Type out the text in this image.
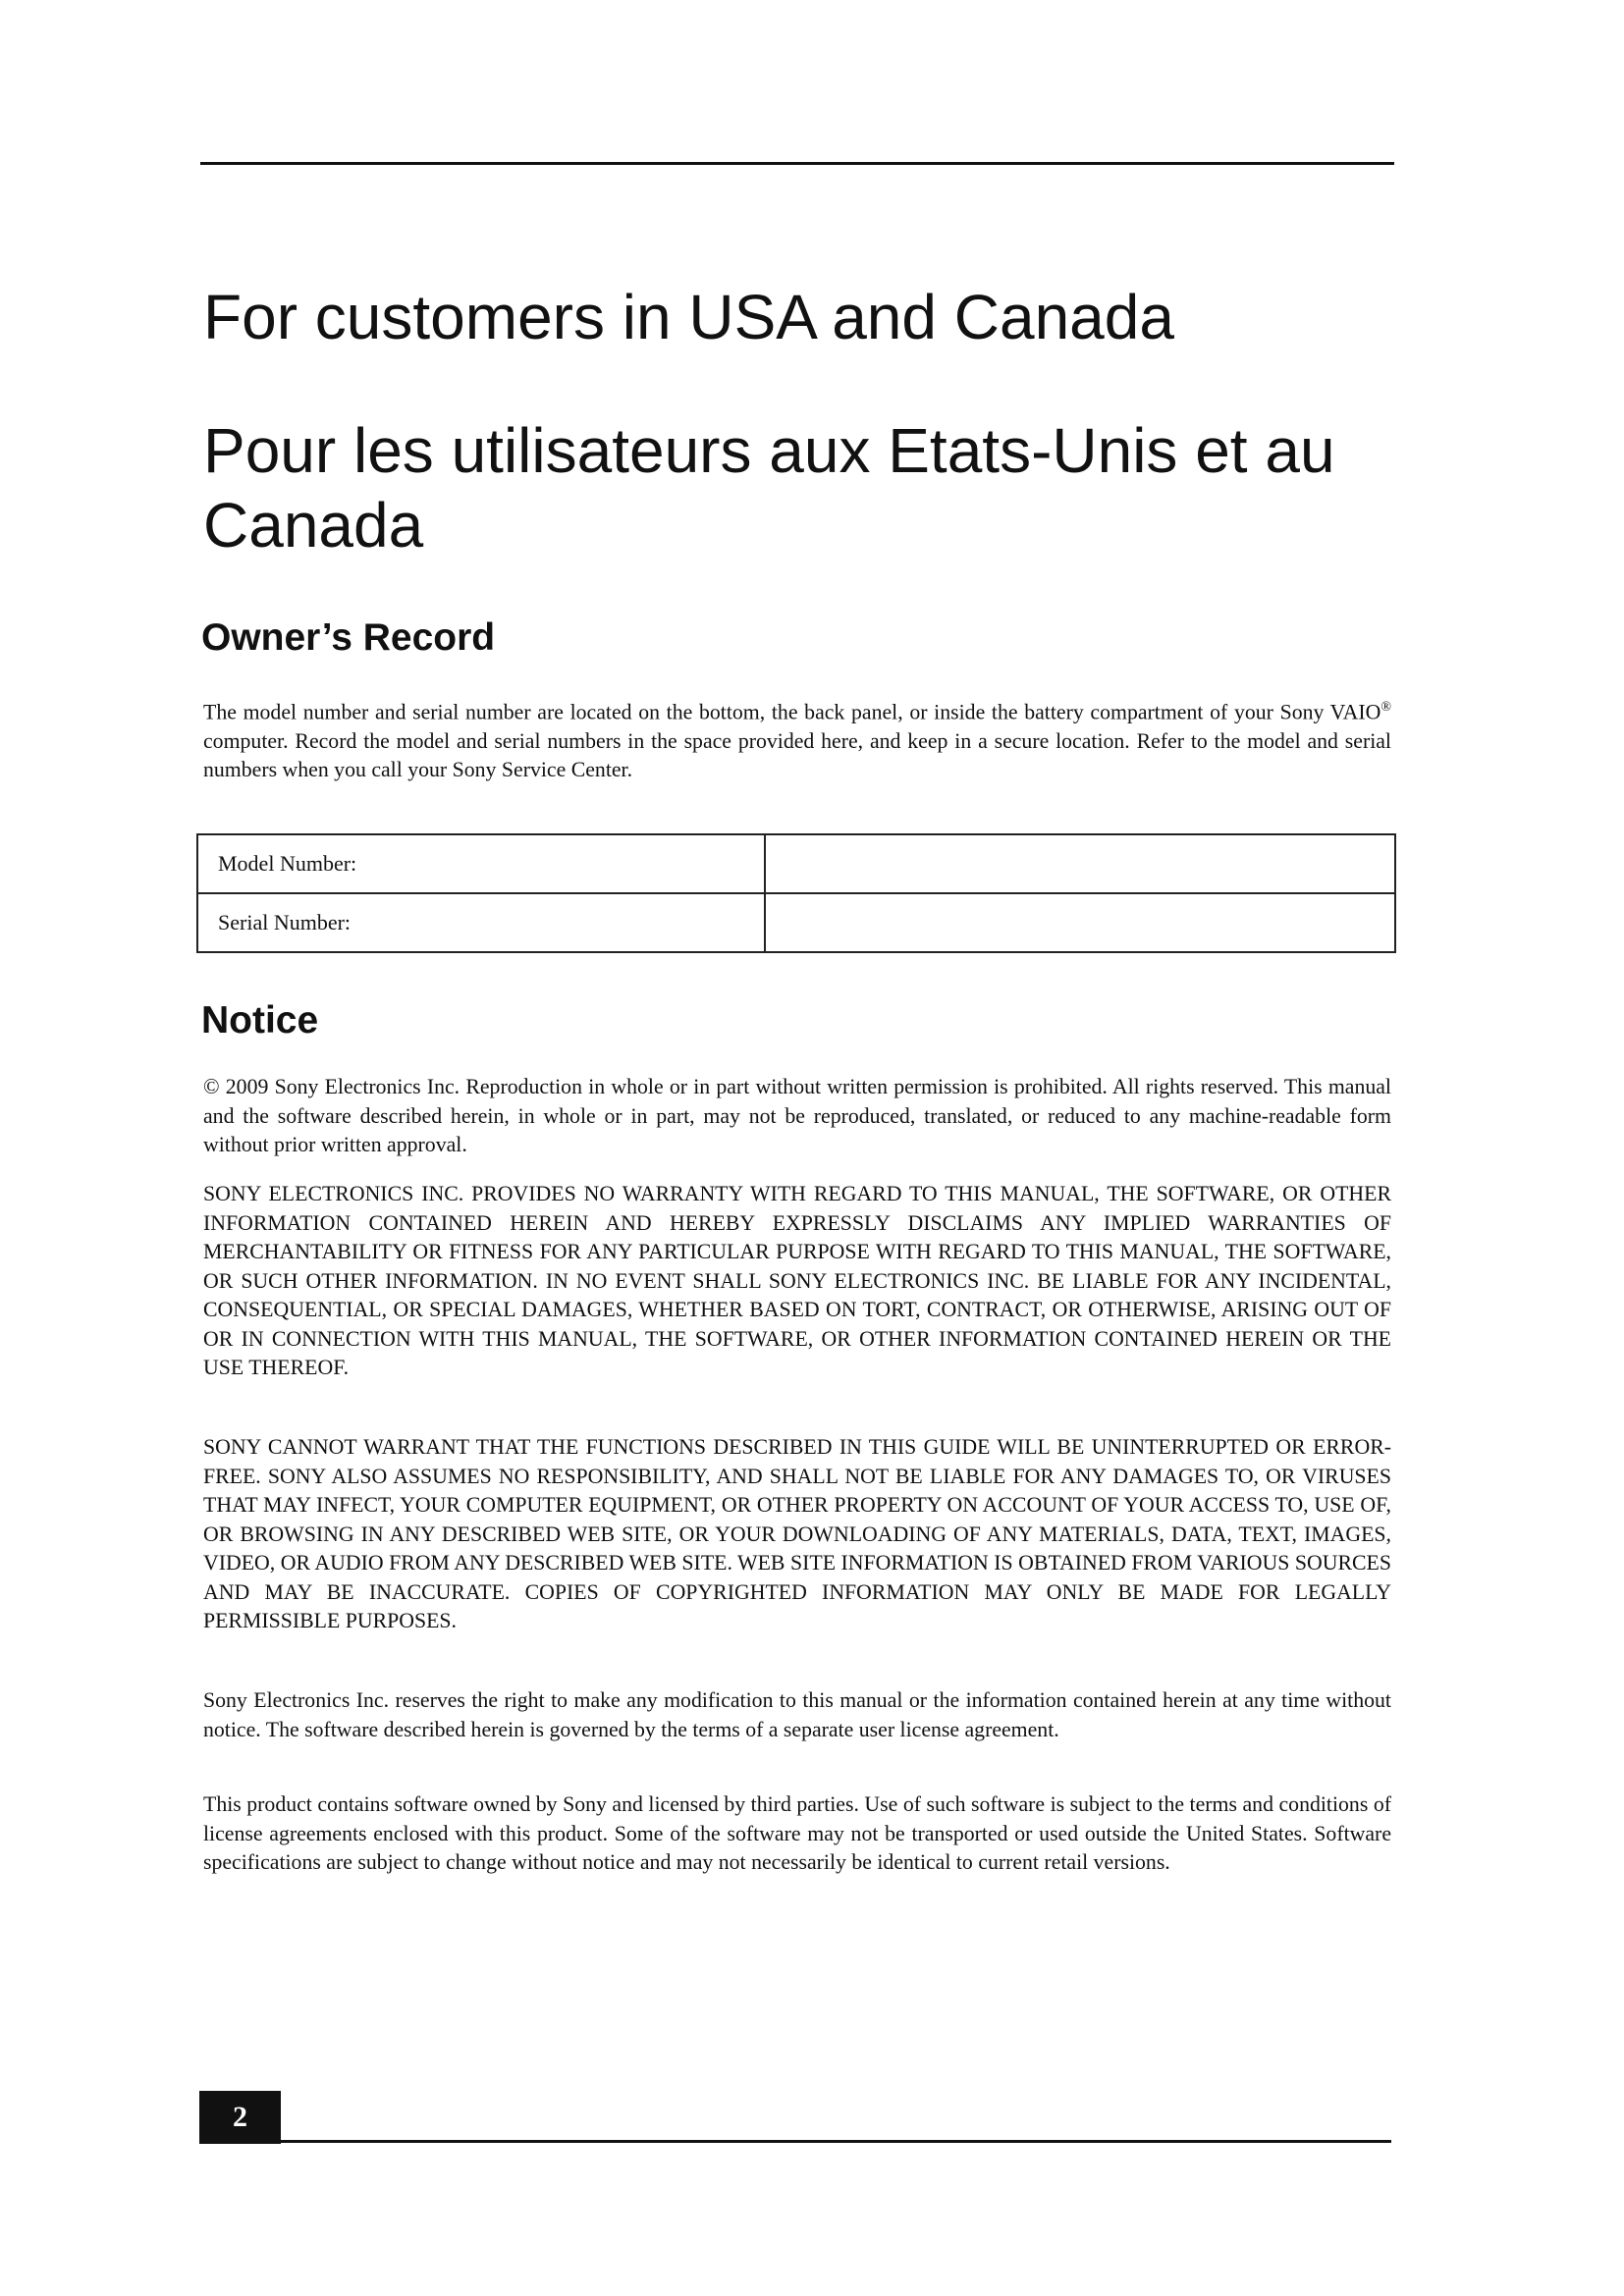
For customers in USA and Canada
Pour les utilisateurs aux Etats-Unis et au Canada
Owner’s Record

The model number and serial number are located on the bottom, the back panel, or inside the battery compartment of your Sony VAIO® computer. Record the model and serial numbers in the space provided here, and keep in a secure location. Refer to the model and serial numbers when you call your Sony Service Center.

Model Number:	
Serial Number:	
Notice

© 2009 Sony Electronics Inc. Reproduction in whole or in part without written permission is prohibited. All rights reserved. This manual and the software described herein, in whole or in part, may not be reproduced, translated, or reduced to any machine-readable form without prior written approval.

SONY ELECTRONICS INC. PROVIDES NO WARRANTY WITH REGARD TO THIS MANUAL, THE SOFTWARE, OR OTHER INFORMATION CONTAINED HEREIN AND HEREBY EXPRESSLY DISCLAIMS ANY IMPLIED WARRANTIES OF MERCHANTABILITY OR FITNESS FOR ANY PARTICULAR PURPOSE WITH REGARD TO THIS MANUAL, THE SOFTWARE, OR SUCH OTHER INFORMATION. IN NO EVENT SHALL SONY ELECTRONICS INC. BE LIABLE FOR ANY INCIDENTAL, CONSEQUENTIAL, OR SPECIAL DAMAGES, WHETHER BASED ON TORT, CONTRACT, OR OTHERWISE, ARISING OUT OF OR IN CONNECTION WITH THIS MANUAL, THE SOFTWARE, OR OTHER INFORMATION CONTAINED HEREIN OR THE USE THEREOF.

SONY CANNOT WARRANT THAT THE FUNCTIONS DESCRIBED IN THIS GUIDE WILL BE UNINTERRUPTED OR ERROR-FREE. SONY ALSO ASSUMES NO RESPONSIBILITY, AND SHALL NOT BE LIABLE FOR ANY DAMAGES TO, OR VIRUSES THAT MAY INFECT, YOUR COMPUTER EQUIPMENT, OR OTHER PROPERTY ON ACCOUNT OF YOUR ACCESS TO, USE OF, OR BROWSING IN ANY DESCRIBED WEB SITE, OR YOUR DOWNLOADING OF ANY MATERIALS, DATA, TEXT, IMAGES, VIDEO, OR AUDIO FROM ANY DESCRIBED WEB SITE. WEB SITE INFORMATION IS OBTAINED FROM VARIOUS SOURCES AND MAY BE INACCURATE. COPIES OF COPYRIGHTED INFORMATION MAY ONLY BE MADE FOR LEGALLY PERMISSIBLE PURPOSES.

Sony Electronics Inc. reserves the right to make any modification to this manual or the information contained herein at any time without notice. The software described herein is governed by the terms of a separate user license agreement.

This product contains software owned by Sony and licensed by third parties. Use of such software is subject to the terms and conditions of license agreements enclosed with this product. Some of the software may not be transported or used outside the United States. Software specifications are subject to change without notice and may not necessarily be identical to current retail versions.

2
